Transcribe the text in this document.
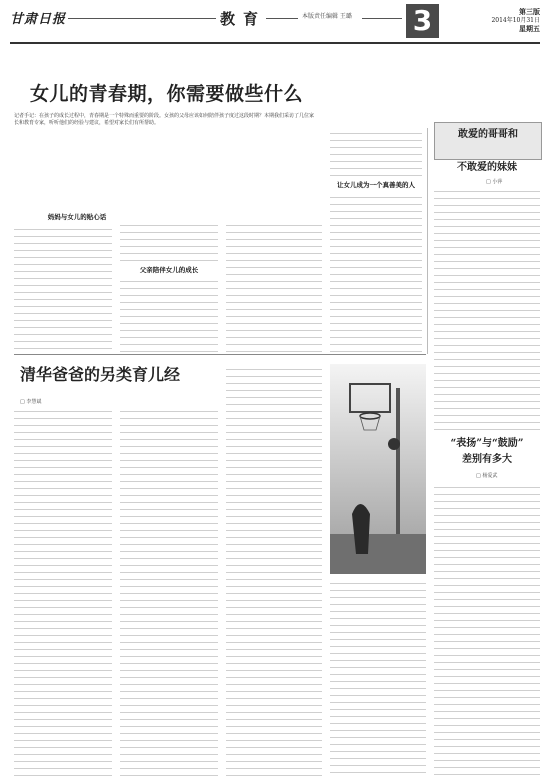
甘肃日报	教育	本版责任编辑 王璐 3	第三版
2014年10月31日
星期五
女儿的青春期，你需要做些什么
记者手记：在孩子的成长过程中，青春期是一个特殊而重要的阶段。女孩的父母应该如何陪伴孩子度过这段时期？本期我们采访了几位家长和教育专家，听听他们的经验与建议，希望对家长们有所帮助。
妈妈与女儿的贴心话
父亲陪伴女儿的成长
让女儿成为一个真善美的人
敢爱的哥哥和
不敢爱的妹妹
□ 小萍
清华爸爸的另类育儿经
□ 李慧斌
“表扬”与“鼓励”
差别有多大
□ 杨爱武
